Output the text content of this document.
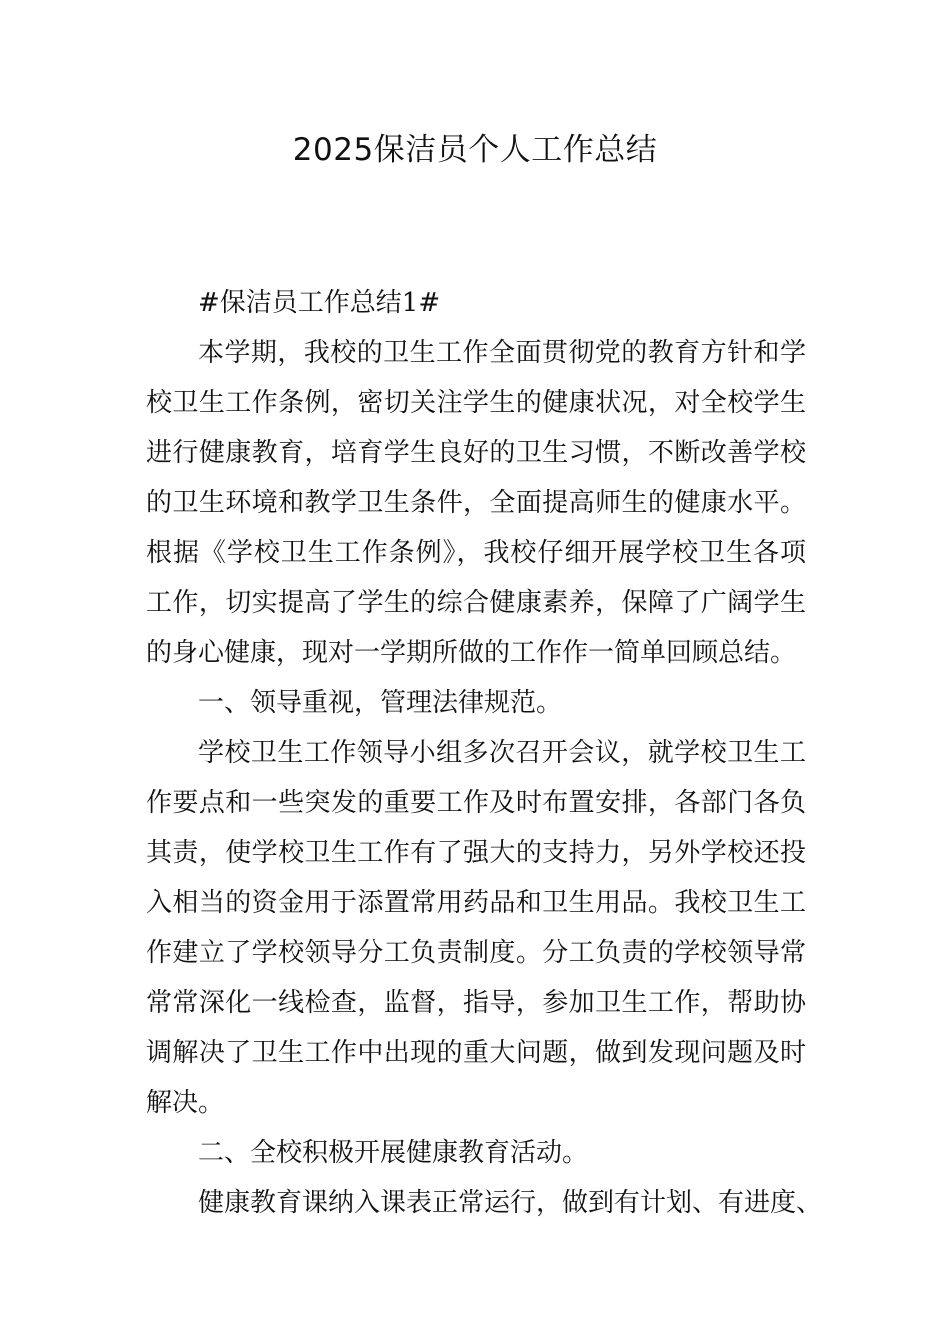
2025保洁员个人工作总结

#保洁员工作总结1#

本学期，我校的卫生工作全面贯彻党的教育方针和学校卫生工作条例，密切关注学生的健康状况，对全校学生进行健康教育，培育学生良好的卫生习惯，不断改善学校的卫生环境和教学卫生条件，全面提高师生的健康水平。根据《学校卫生工作条例》，我校仔细开展学校卫生各项工作，切实提高了学生的综合健康素养，保障了广阔学生的身心健康，现对一学期所做的工作作一简单回顾总结。

一、领导重视，管理法律规范。

学校卫生工作领导小组多次召开会议，就学校卫生工作要点和一些突发的重要工作及时布置安排，各部门各负其责，使学校卫生工作有了强大的支持力，另外学校还投入相当的资金用于添置常用药品和卫生用品。我校卫生工作建立了学校领导分工负责制度。分工负责的学校领导常常常深化一线检查，监督，指导，参加卫生工作，帮助协调解决了卫生工作中出现的重大问题，做到发现问题及时解决。

二、全校积极开展健康教育活动。

健康教育课纳入课表正常运行，做到有计划、有进度、
